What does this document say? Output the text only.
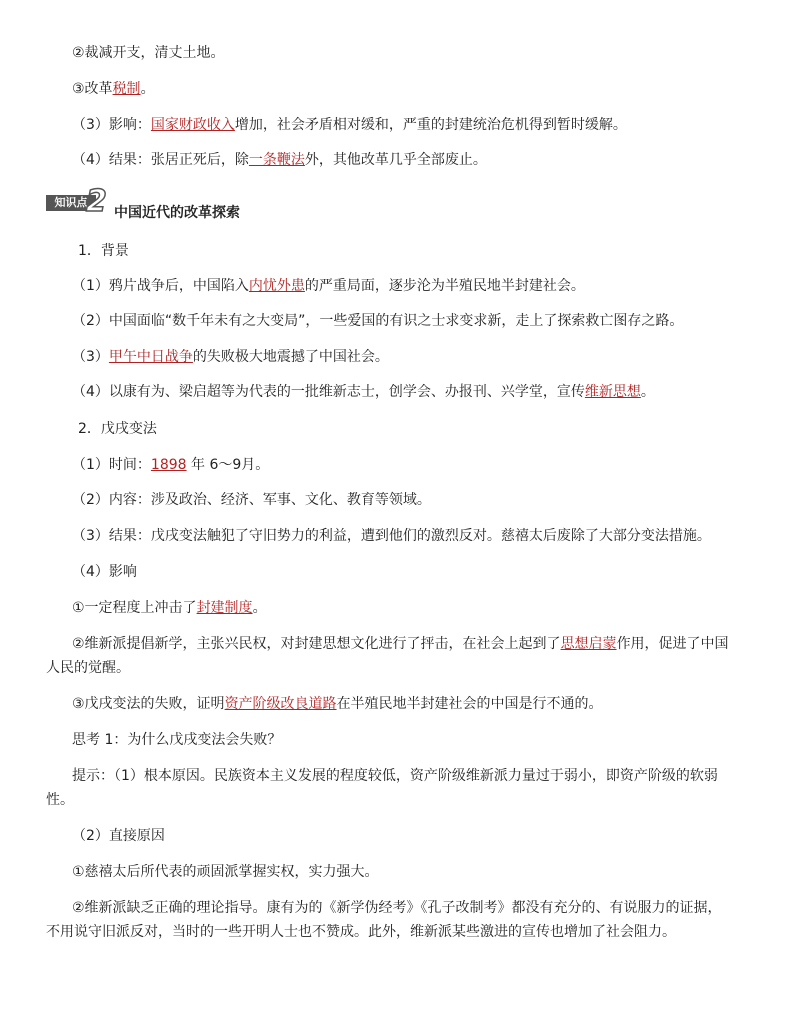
②裁减开支，清丈土地。
③改革税制。
（3）影响：国家财政收入增加，社会矛盾相对缓和，严重的封建统治危机得到暂时缓解。
（4）结果：张居正死后，除一条鞭法外，其他改革几乎全部废止。
知识点
2 中国近代的改革探索
1．背景
（1）鸦片战争后，中国陷入内忧外患的严重局面，逐步沦为半殖民地半封建社会。
（2）中国面临“数千年未有之大变局”，一些爱国的有识之士求变求新，走上了探索救亡图存之路。
（3）甲午中日战争的失败极大地震撼了中国社会。
（4）以康有为、梁启超等为代表的一批维新志士，创学会、办报刊、兴学堂，宣传维新思想。
2．戊戌变法
（1）时间：1898 年 6～9月。
（2）内容：涉及政治、经济、军事、文化、教育等领域。
（3）结果：戊戌变法触犯了守旧势力的利益，遭到他们的激烈反对。慈禧太后废除了大部分变法措施。
（4）影响
①一定程度上冲击了封建制度。
②维新派提倡新学，主张兴民权，对封建思想文化进行了抨击，在社会上起到了思想启蒙作用，促进了中国
人民的觉醒。
③戊戌变法的失败，证明资产阶级改良道路在半殖民地半封建社会的中国是行不通的。
思考 1：为什么戊戌变法会失败？
提示：（1）根本原因。民族资本主义发展的程度较低，资产阶级维新派力量过于弱小，即资产阶级的软弱
性。
（2）直接原因
①慈禧太后所代表的顽固派掌握实权，实力强大。
②维新派缺乏正确的理论指导。康有为的《新学伪经考》《孔子改制考》都没有充分的、有说服力的证据，
不用说守旧派反对，当时的一些开明人士也不赞成。此外，维新派某些激进的宣传也增加了社会阻力。
